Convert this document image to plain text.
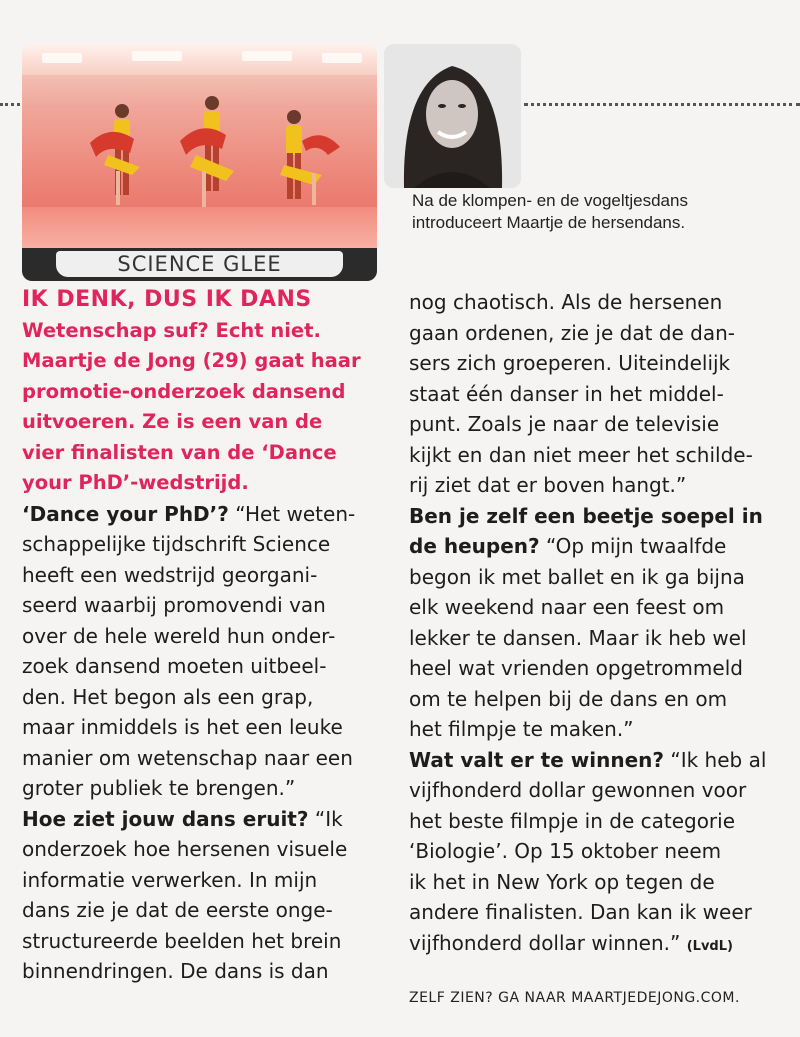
Na de klompen- en de vogeltjesdans
introduceert Maartje de hersendans.
SCIENCE GLEE
IK DENK, DUS IK DANS
Wetenschap suf? Echt niet.
Maartje de Jong (29) gaat haar
promotie-onderzoek dansend
uitvoeren. Ze is een van de
vier finalisten van de ‘Dance
your PhD’-wedstrijd.
‘Dance your PhD’? “Het weten-
schappelijke tijdschrift Science
heeft een wedstrijd georgani-
seerd waarbij promovendi van
over de hele wereld hun onder-
zoek dansend moeten uitbeel-
den. Het begon als een grap,
maar inmiddels is het een leuke
manier om wetenschap naar een
groter publiek te brengen.”
Hoe ziet jouw dans eruit? “Ik
onderzoek hoe hersenen visuele
informatie verwerken. In mijn
dans zie je dat de eerste onge-
structureerde beelden het brein
binnendringen. De dans is dan
nog chaotisch. Als de hersenen
gaan ordenen, zie je dat de dan-
sers zich groeperen. Uiteindelijk
staat één danser in het middel-
punt. Zoals je naar de televisie
kijkt en dan niet meer het schilde-
rij ziet dat er boven hangt.”
Ben je zelf een beetje soepel in
de heupen? “Op mijn twaalfde
begon ik met ballet en ik ga bijna
elk weekend naar een feest om
lekker te dansen. Maar ik heb wel
heel wat vrienden opgetrommeld
om te helpen bij de dans en om
het filmpje te maken.”
Wat valt er te winnen? “Ik heb al
vijfhonderd dollar gewonnen voor
het beste filmpje in de categorie
‘Biologie’. Op 15 oktober neem
ik het in New York op tegen de
andere finalisten. Dan kan ik weer
vijfhonderd dollar winnen.” (LvdL)
ZELF ZIEN? GA NAAR MAARTJEDEJONG.COM.
